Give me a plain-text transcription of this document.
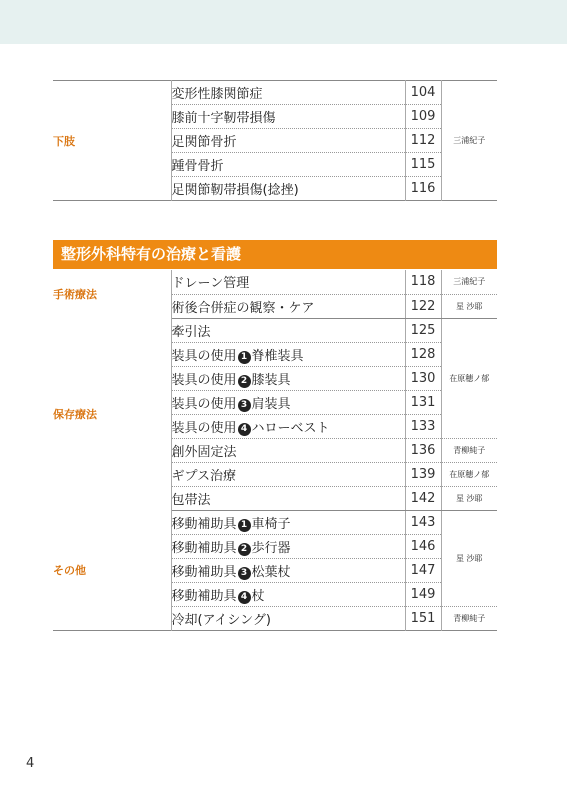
下肢	変形性膝関節症	104	三浦紀子
	膝前十字靭帯損傷	109	
	足関節骨折	112	
	踵骨骨折	115	
	足関節靭帯損傷(捻挫)	116	
整形外科特有の治療と看護
手術療法	ドレーン管理	118	三浦紀子
	術後合併症の観察・ケア	122	星 沙耶
保存療法	牽引法	125	在原穂ノ郁
	装具の使用 1 脊椎装具	128	
	装具の使用 2 膝装具	130	
	装具の使用 3 肩装具	131	
	装具の使用 4 ハローベスト	133	
	創外固定法	136	青柳純子
	ギプス治療	139	在原穂ノ郁
	包帯法	142	星 沙耶
その他	移動補助具 1 車椅子	143	星 沙耶
	移動補助具 2 歩行器	146	
	移動補助具 3 松葉杖	147	
	移動補助具 4 杖	149	
	冷却(アイシング)	151	青柳純子
4
